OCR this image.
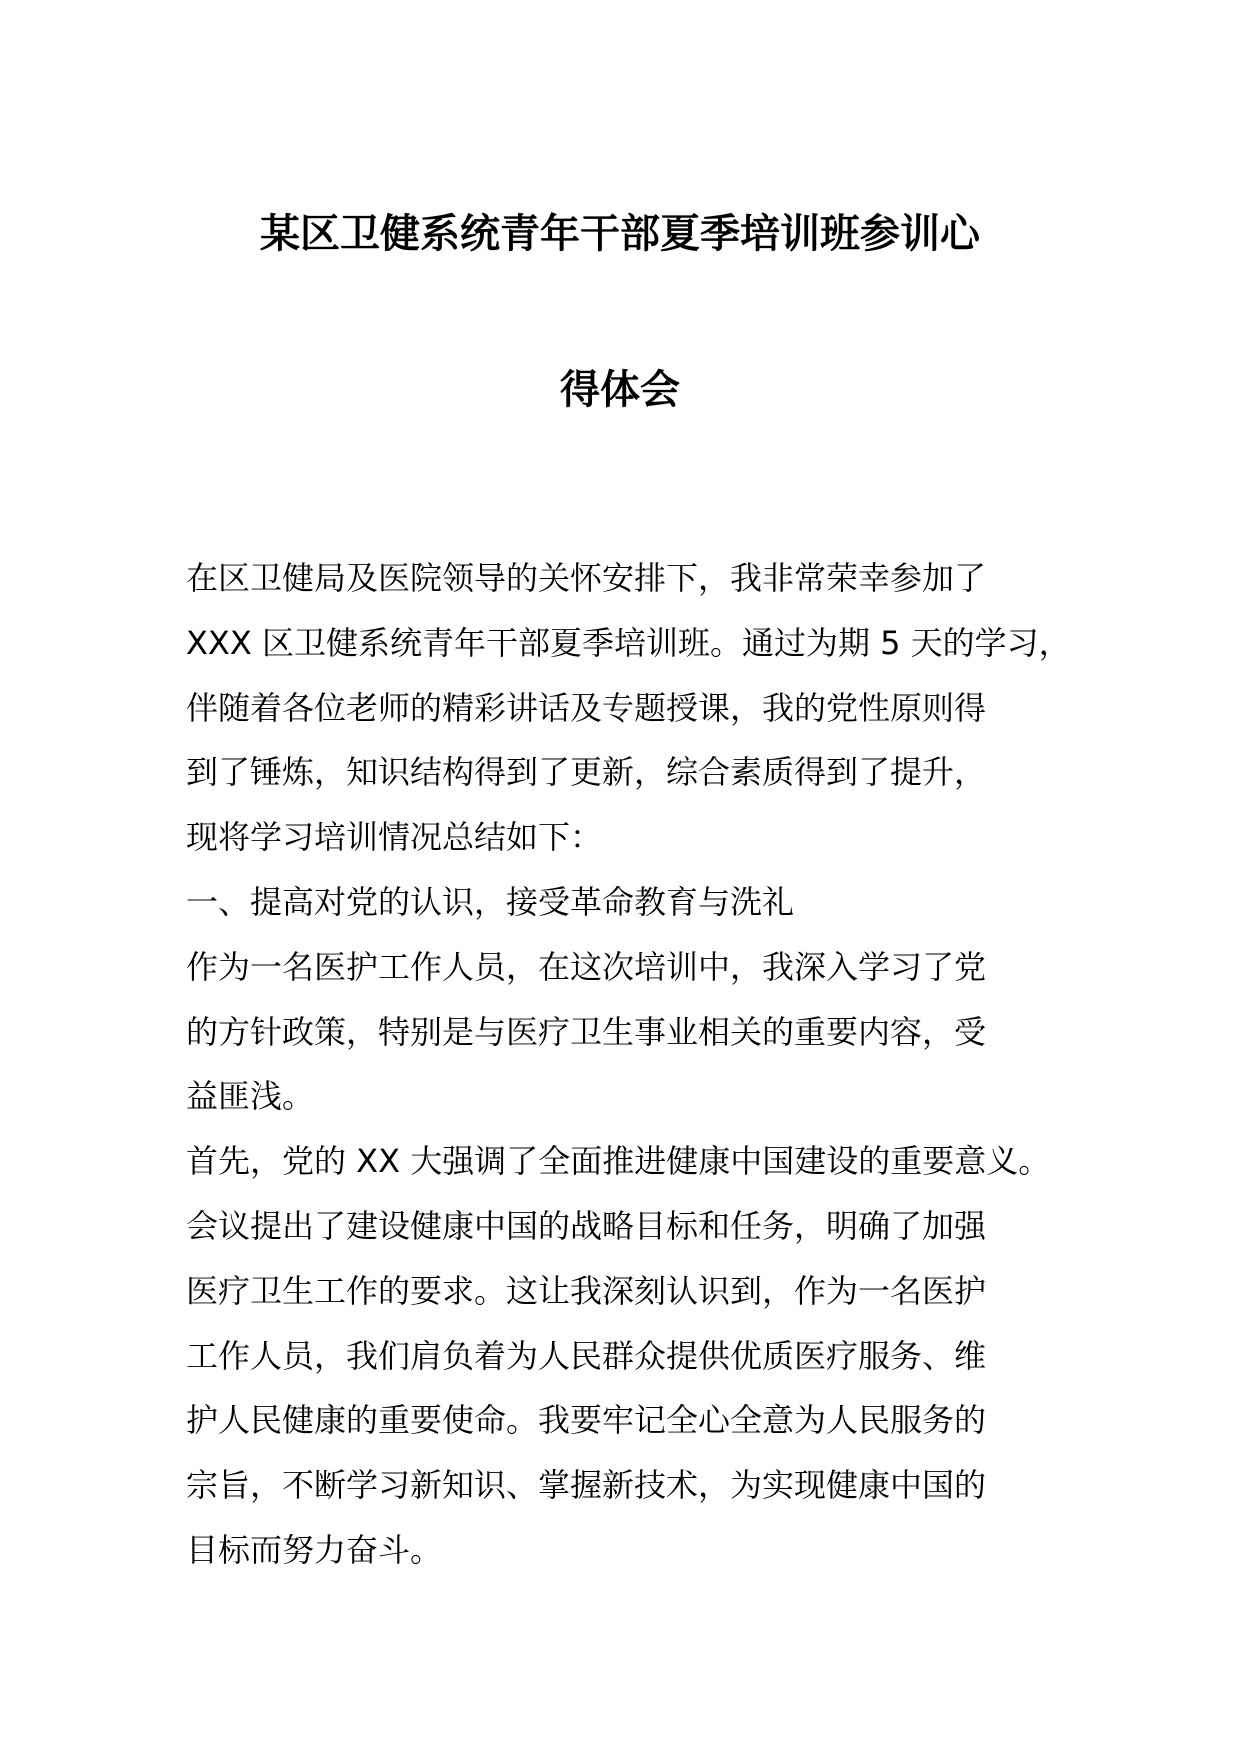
某区卫健系统青年干部夏季培训班参训心
得体会

在区卫健局及医院领导的关怀安排下，我非常荣幸参加了

XXX 区卫健系统青年干部夏季培训班。通过为期 5 天的学习，

伴随着各位老师的精彩讲话及专题授课，我的党性原则得

到了锤炼，知识结构得到了更新，综合素质得到了提升，

现将学习培训情况总结如下：

一、提高对党的认识，接受革命教育与洗礼

作为一名医护工作人员，在这次培训中，我深入学习了党

的方针政策，特别是与医疗卫生事业相关的重要内容，受

益匪浅。

首先，党的 XX 大强调了全面推进健康中国建设的重要意义。

会议提出了建设健康中国的战略目标和任务，明确了加强

医疗卫生工作的要求。这让我深刻认识到，作为一名医护

工作人员，我们肩负着为人民群众提供优质医疗服务、维

护人民健康的重要使命。我要牢记全心全意为人民服务的

宗旨，不断学习新知识、掌握新技术，为实现健康中国的

目标而努力奋斗。
